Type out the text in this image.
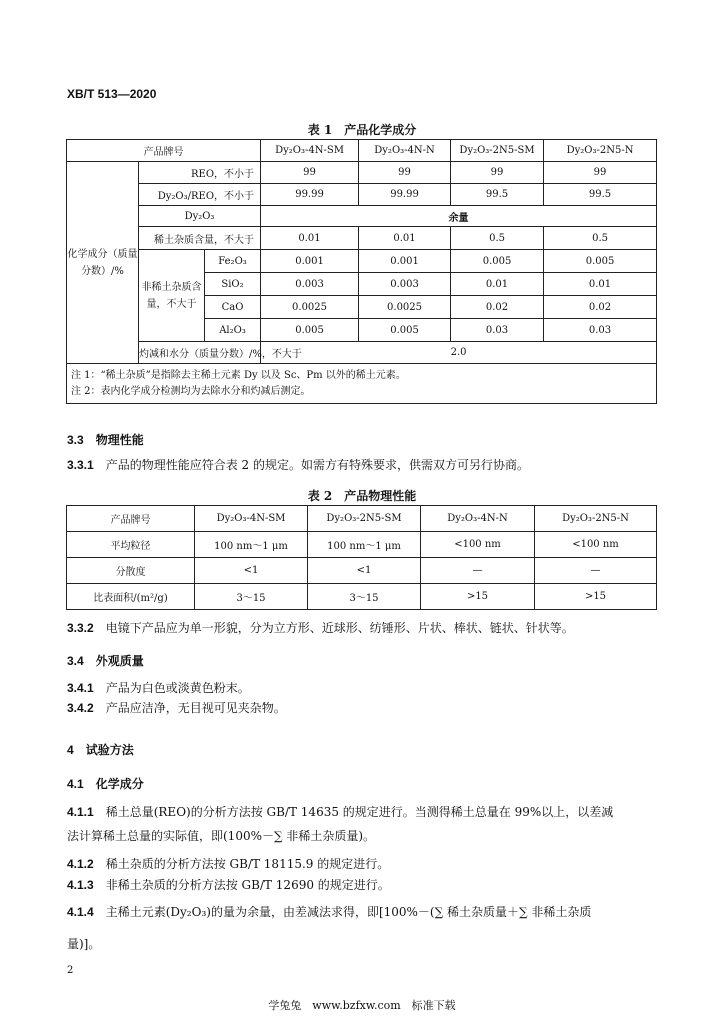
XB/T 513—2020
表 1　产品化学成分
产品牌号			Dy₂O₃-4N-SM	Dy₂O₃-4N-N	Dy₂O₃-2N5-SM	Dy₂O₃-2N5-N
化学成分（质量分数）/%	REO，不小于		99	99	99	99
	Dy₂O₃/REO，不小于		99.99	99.99	99.5	99.5
	Dy₂O₃		余量			
	稀土杂质含量，不大于		0.01	0.01	0.5	0.5
	非稀土杂质含量，不大于	Fe₂O₃	0.001	0.001	0.005	0.005
		SiO₂	0.003	0.003	0.01	0.01
		CaO	0.0025	0.0025	0.02	0.02
		Al₂O₃	0.005	0.005	0.03	0.03
	灼减和水分（质量分数）/%，不大于		2.0			

注 1：“稀土杂质”是指除去主稀土元素 Dy 以及 Sc、Pm 以外的稀土元素。
注 2：表内化学成分检测均为去除水分和灼减后测定。						
3.3　 物理性能
3.3.1　 产品的物理性能应符合表 2 的规定。如需方有特殊要求，供需双方可另行协商。
表 2　产品物理性能
产品牌号	Dy₂O₃-4N-SM	Dy₂O₃-2N5-SM	Dy₂O₃-4N-N	Dy₂O₃-2N5-N
平均粒径	100 nm～1 μm	100 nm～1 μm	<100 nm	<100 nm
分散度	<1	<1	—	—
比表面积/(m²/g)	3～15	3～15	>15	>15
3.3.2　 电镜下产品应为单一形貌，分为立方形、近球形、纺锤形、片状、棒状、链状、针状等。
3.4　 外观质量
3.4.1　 产品为白色或淡黄色粉末。
3.4.2　 产品应洁净，无目视可见夹杂物。
4　 试验方法
4.1　 化学成分
4.1.1　 稀土总量(REO)的分析方法按 GB/T 14635 的规定进行。当测得稀土总量在 99%以上，以差减
法计算稀土总量的实际值，即(100%－∑ 非稀土杂质量)。
4.1.2　 稀土杂质的分析方法按 GB/T 18115.9 的规定进行。
4.1.3　 非稀土杂质的分析方法按 GB/T 12690 的规定进行。
4.1.4　 主稀土元素(Dy₂O₃)的量为余量，由差减法求得，即[100%－(∑ 稀土杂质量＋∑ 非稀土杂质
量)]。
2
学兔兔　www.bzfxw.com　标准下载
